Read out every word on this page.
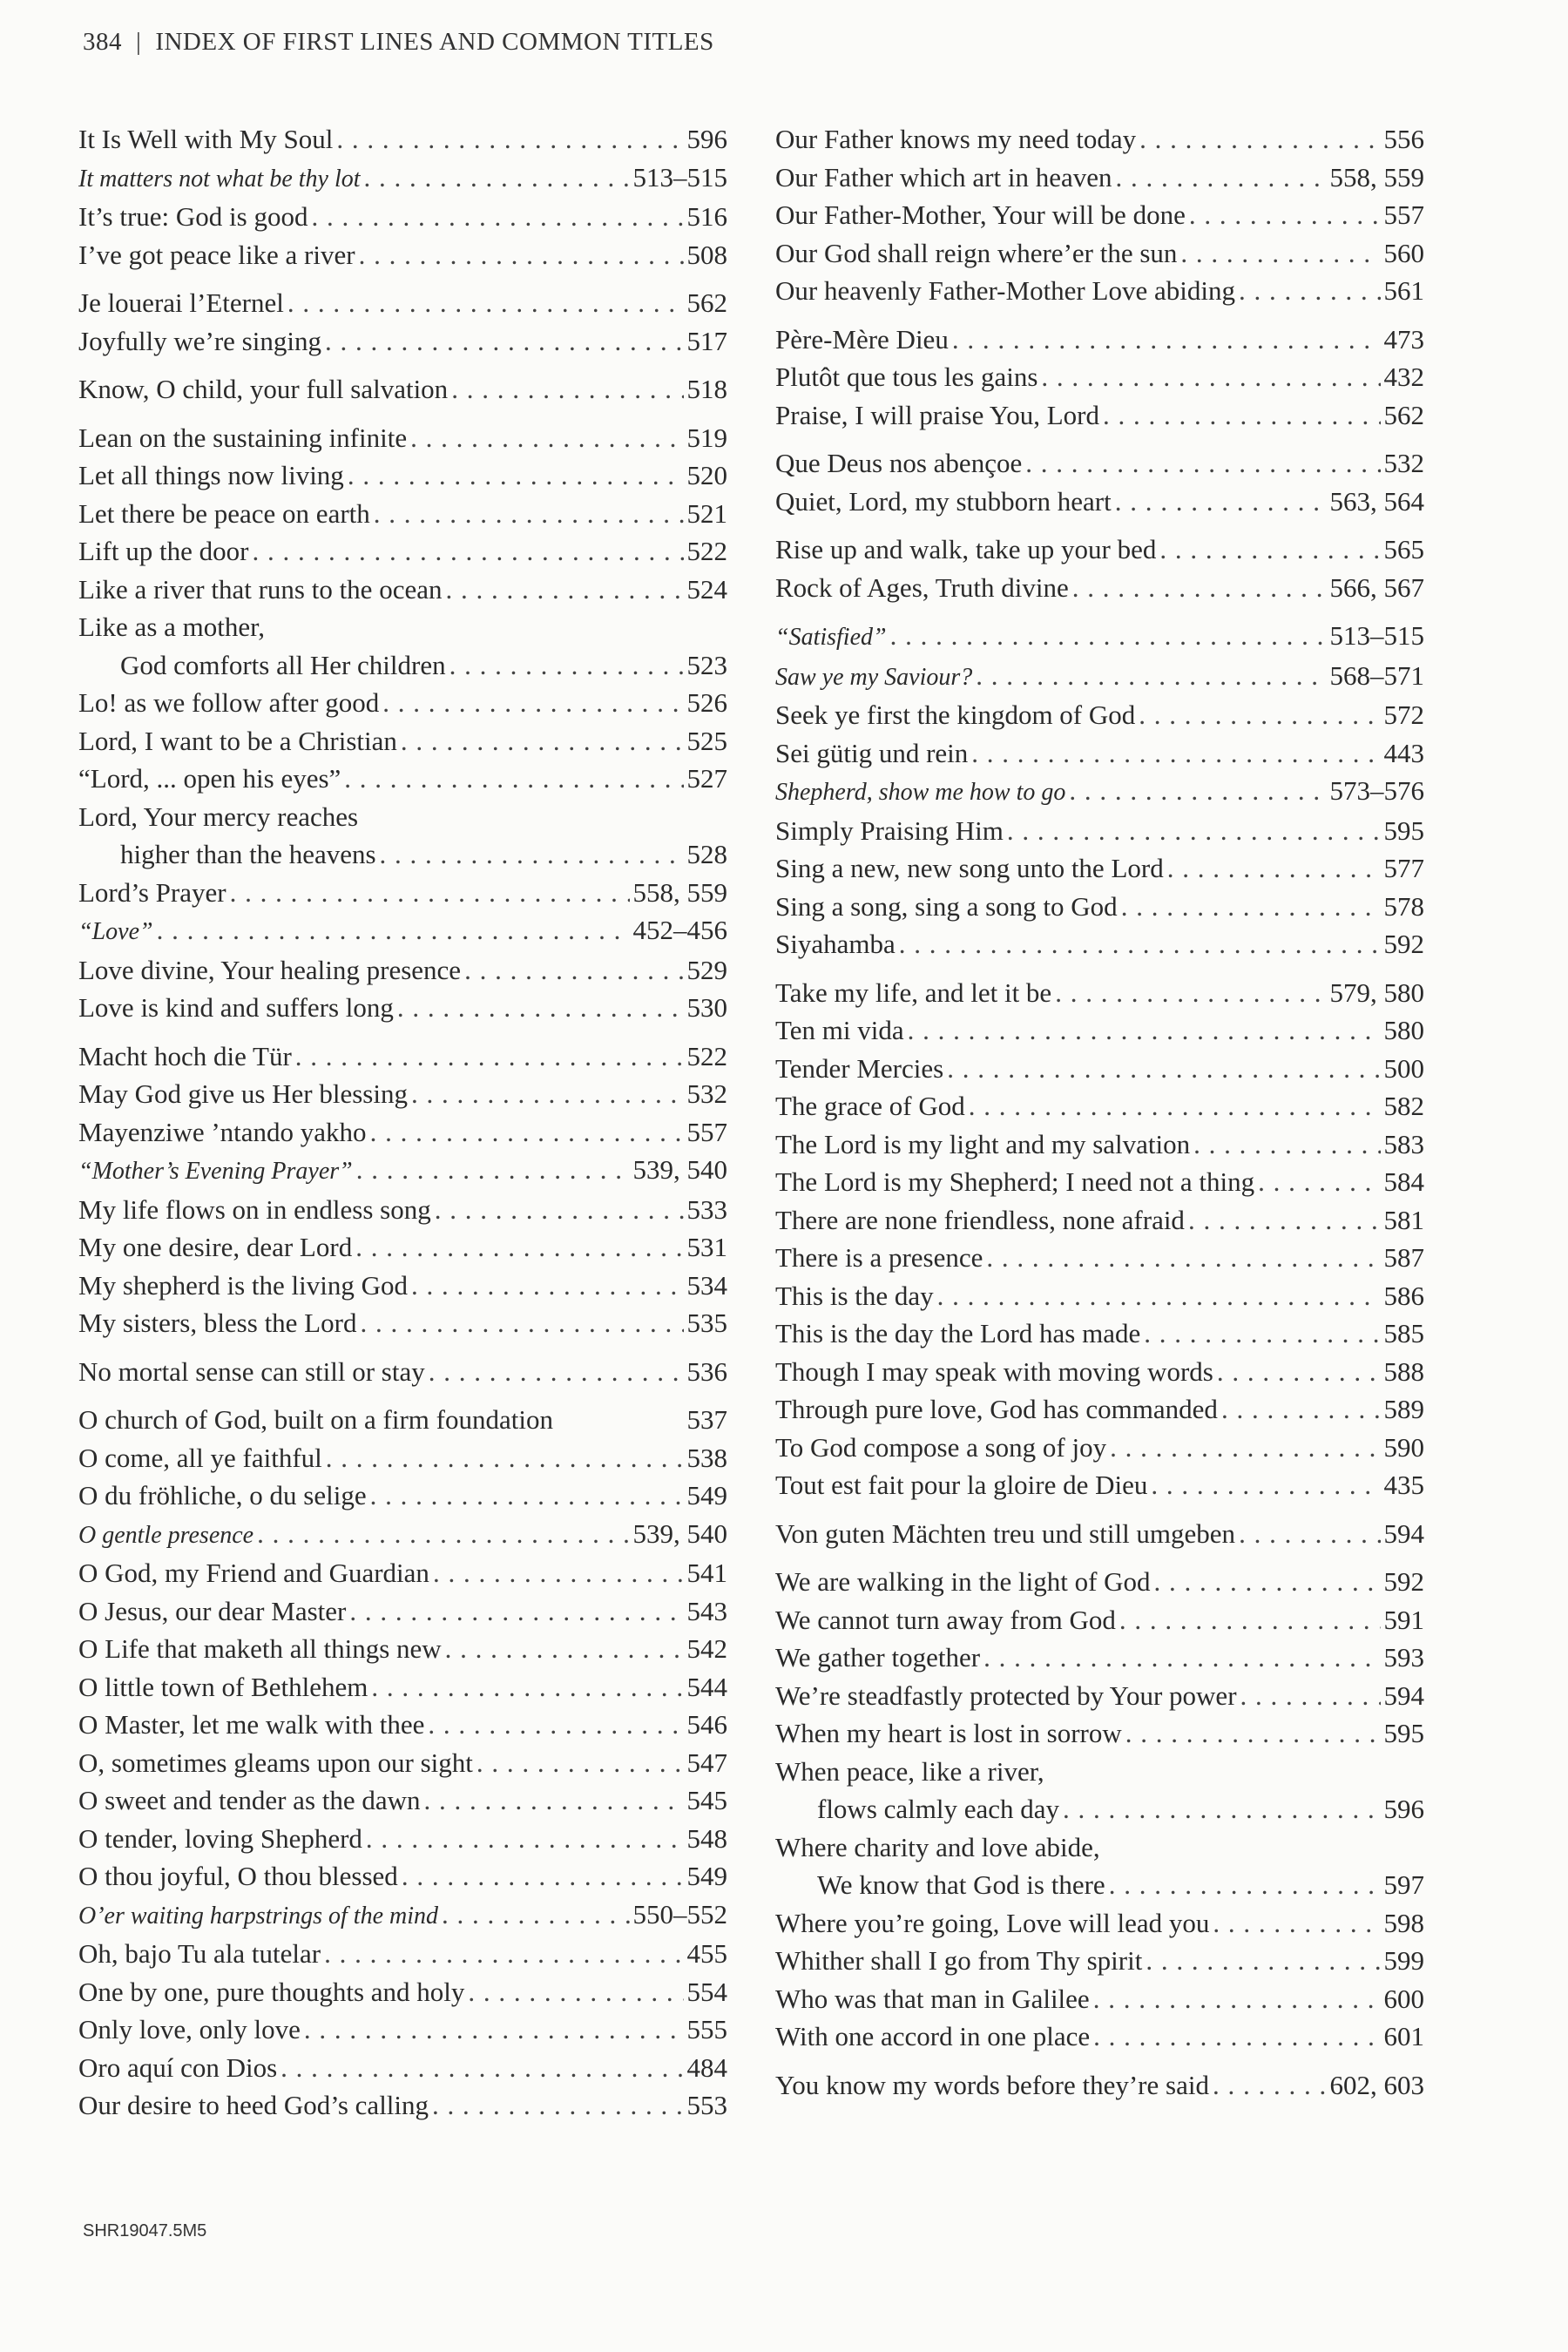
384 | INDEX OF FIRST LINES AND COMMON TITLES
It Is Well with My Soul . . .	596
It matters not what be thy lot . . .	513–515
It’s true: God is good . . .	516
I’ve got peace like a river . . .	508
Je louerai l’Eternel . . .	562
Joyfully we’re singing . . .	517
Know, O child, your full salvation . . .	518
Lean on the sustaining infinite . . .	519
Let all things now living . . .	520
Let there be peace on earth . . .	521
Lift up the door . . .	522
Like a river that runs to the ocean . . .	524
Like as a mother,
God comforts all Her children . . .	523
Lo! as we follow after good . . .	526
Lord, I want to be a Christian . . .	525
“Lord, ... open his eyes” . . .	527
Lord, Your mercy reaches
higher than the heavens . . .	528
Lord’s Prayer . . .	558, 559
“Love” . . .	452–456
Love divine, Your healing presence . . .	529
Love is kind and suffers long . . .	530
Macht hoch die Tür . . .	522
May God give us Her blessing . . .	532
Mayenziwe ’ntando yakho . . .	557
“Mother’s Evening Prayer” . . .	539, 540
My life flows on in endless song . . .	533
My one desire, dear Lord . . .	531
My shepherd is the living God . . .	534
My sisters, bless the Lord . . .	535
No mortal sense can still or stay . . .	536
O church of God, built on a firm foundation	537
O come, all ye faithful . . .	538
O du fröhliche, o du selige . . .	549
O gentle presence . . .	539, 540
O God, my Friend and Guardian . . .	541
O Jesus, our dear Master . . .	543
O Life that maketh all things new . . .	542
O little town of Bethlehem . . .	544
O Master, let me walk with thee . . .	546
O, sometimes gleams upon our sight . . .	547
O sweet and tender as the dawn . . .	545
O tender, loving Shepherd . . .	548
O thou joyful, O thou blessed . . .	549
O’er waiting harpstrings of the mind . . .	550–552
Oh, bajo Tu ala tutelar . . .	455
One by one, pure thoughts and holy . . .	554
Only love, only love . . .	555
Oro aquí con Dios . . .	484
Our desire to heed God’s calling . . .	553
Our Father knows my need today . . .	556
Our Father which art in heaven . . .	558, 559
Our Father-Mother, Your will be done . . .	557
Our God shall reign where’er the sun . . .	560
Our heavenly Father-Mother Love abiding . . .	561
Père-Mère Dieu . . .	473
Plutôt que tous les gains . . .	432
Praise, I will praise You, Lord . . .	562
Que Deus nos abençoe . . .	532
Quiet, Lord, my stubborn heart . . .	563, 564
Rise up and walk, take up your bed . . .	565
Rock of Ages, Truth divine . . .	566, 567
“Satisfied” . . .	513–515
Saw ye my Saviour? . . .	568–571
Seek ye first the kingdom of God . . .	572
Sei gütig und rein . . .	443
Shepherd, show me how to go . . .	573–576
Simply Praising Him . . .	595
Sing a new, new song unto the Lord . . .	577
Sing a song, sing a song to God . . .	578
Siyahamba . . .	592
Take my life, and let it be . . .	579, 580
Ten mi vida . . .	580
Tender Mercies . . .	500
The grace of God . . .	582
The Lord is my light and my salvation . . .	583
The Lord is my Shepherd; I need not a thing . . .	584
There are none friendless, none afraid . . .	581
There is a presence . . .	587
This is the day . . .	586
This is the day the Lord has made . . .	585
Though I may speak with moving words . . .	588
Through pure love, God has commanded . . .	589
To God compose a song of joy . . .	590
Tout est fait pour la gloire de Dieu . . .	435
Von guten Mächten treu und still umgeben . . .	594
We are walking in the light of God . . .	592
We cannot turn away from God . . .	591
We gather together . . .	593
We’re steadfastly protected by Your power . . .	594
When my heart is lost in sorrow . . .	595
When peace, like a river,
flows calmly each day . . .	596
Where charity and love abide,
We know that God is there . . .	597
Where you’re going, Love will lead you . . .	598
Whither shall I go from Thy spirit . . .	599
Who was that man in Galilee . . .	600
With one accord in one place . . .	601
You know my words before they’re said . . .	602, 603
SHR19047.5M5
